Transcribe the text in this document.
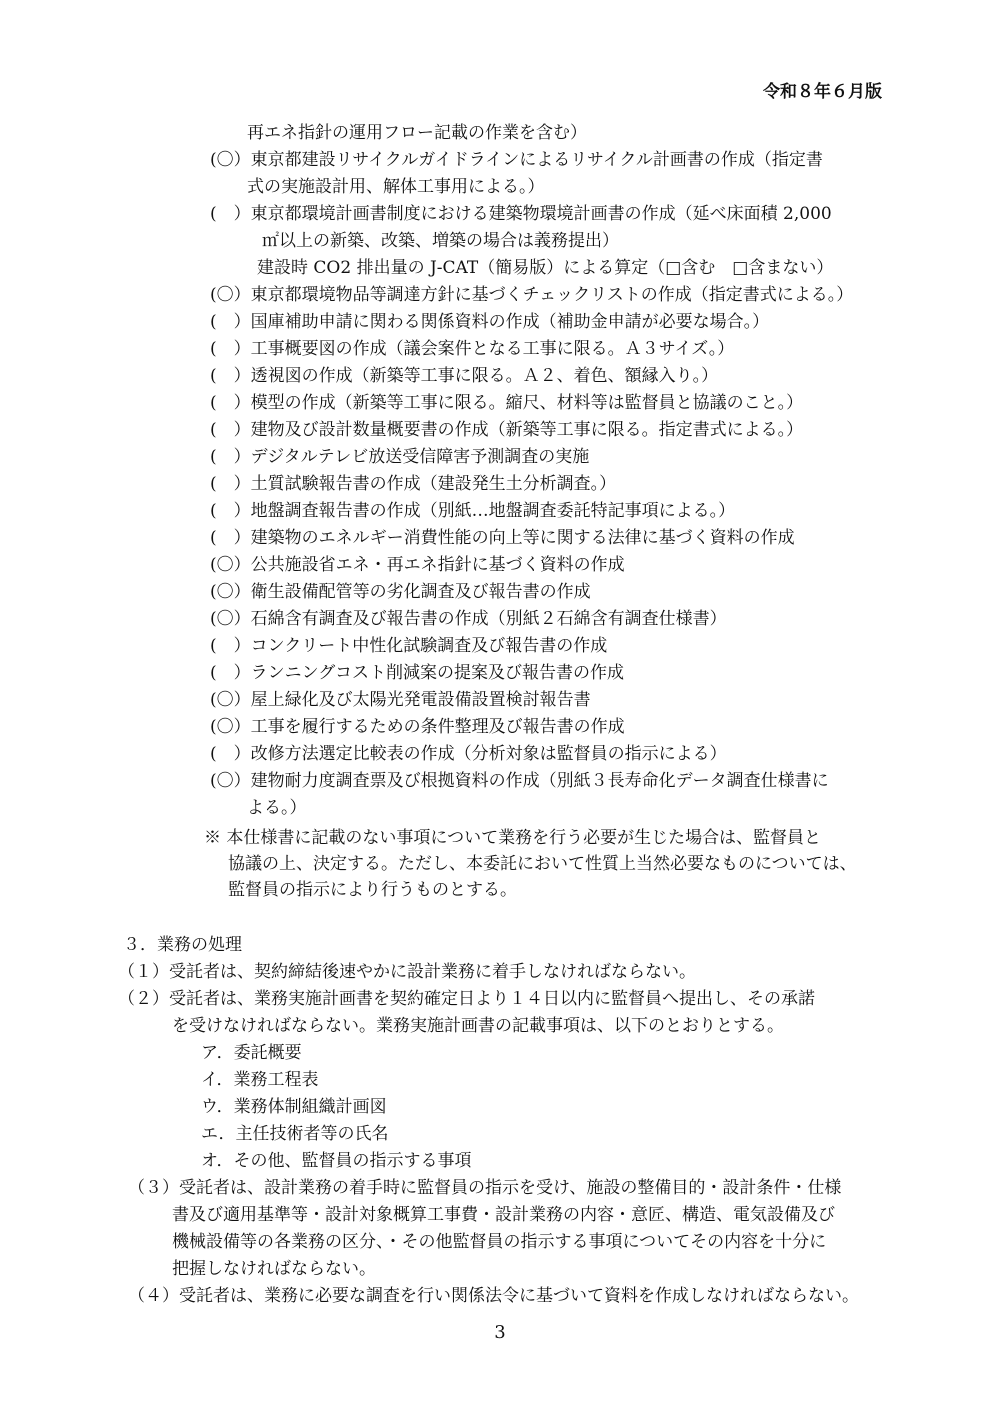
令和８年６月版
再エネ指針の運用フロー記載の作業を含む）
(〇）東京都建設リサイクルガイドラインによるリサイクル計画書の作成（指定書
式の実施設計用、解体工事用による。）
(　）東京都環境計画書制度における建築物環境計画書の作成（延べ床面積 2,000
㎡以上の新築、改築、増築の場合は義務提出）
建設時 CO2 排出量の J‐CAT（簡易版）による算定（□含む　□含まない）
(〇）東京都環境物品等調達方針に基づくチェックリストの作成（指定書式による。）
(　）国庫補助申請に関わる関係資料の作成（補助金申請が必要な場合。）
(　）工事概要図の作成（議会案件となる工事に限る。Ａ３サイズ。）
(　）透視図の作成（新築等工事に限る。Ａ２、着色、額縁入り。）
(　）模型の作成（新築等工事に限る。縮尺、材料等は監督員と協議のこと。）
(　）建物及び設計数量概要書の作成（新築等工事に限る。指定書式による。）
(　）デジタルテレビ放送受信障害予測調査の実施
(　）土質試験報告書の作成（建設発生土分析調査。）
(　）地盤調査報告書の作成（別紙…地盤調査委託特記事項による。）
(　）建築物のエネルギー消費性能の向上等に関する法律に基づく資料の作成
(〇）公共施設省エネ・再エネ指針に基づく資料の作成
(〇）衛生設備配管等の劣化調査及び報告書の作成
(〇）石綿含有調査及び報告書の作成（別紙２石綿含有調査仕様書）
(　）コンクリート中性化試験調査及び報告書の作成
(　）ランニングコスト削減案の提案及び報告書の作成
(〇）屋上緑化及び太陽光発電設備設置検討報告書
(〇）工事を履行するための条件整理及び報告書の作成
(　）改修方法選定比較表の作成（分析対象は監督員の指示による）
(〇）建物耐力度調査票及び根拠資料の作成（別紙３長寿命化データ調査仕様書に
よる。）
※ 本仕様書に記載のない事項について業務を行う必要が生じた場合は、監督員と
協議の上、決定する。ただし、本委託において性質上当然必要なものについては、
監督員の指示により行うものとする。
３．業務の処理
（１）受託者は、契約締結後速やかに設計業務に着手しなければならない。
（２）受託者は、業務実施計画書を契約確定日より１４日以内に監督員へ提出し、その承諾
を受けなければならない。業務実施計画書の記載事項は、以下のとおりとする。
ア．委託概要
イ．業務工程表
ウ．業務体制組織計画図
エ．主任技術者等の氏名
オ．その他、監督員の指示する事項
（３）受託者は、設計業務の着手時に監督員の指示を受け、施設の整備目的・設計条件・仕様
書及び適用基準等・設計対象概算工事費・設計業務の内容・意匠、構造、電気設備及び
機械設備等の各業務の区分、・その他監督員の指示する事項についてその内容を十分に
把握しなければならない。
（４）受託者は、業務に必要な調査を行い関係法令に基づいて資料を作成しなければならない。
3
